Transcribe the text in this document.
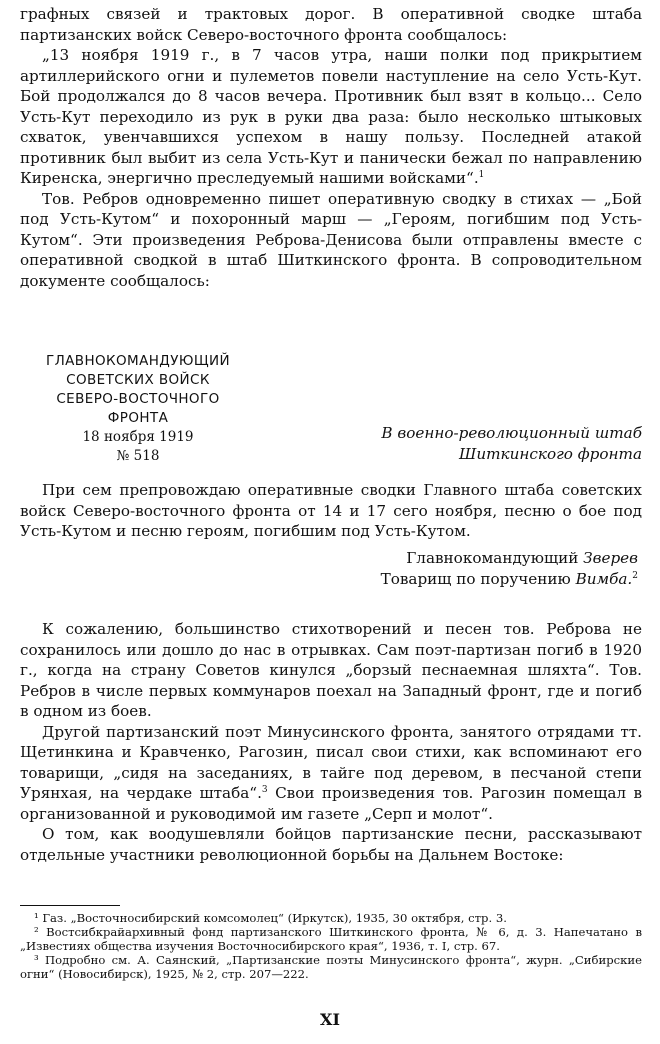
графных связей и трактовых дорог. В оперативной сводке штаба партизанских войск Северо-восточного фронта сообщалось:

„13 ноября 1919 г., в 7 часов утра, наши полки под прикрытием артиллерийского огни и пулеметов повели наступление на село Усть-Кут. Бой продолжался до 8 часов вечера. Противник был взят в кольцо... Село Усть-Кут переходило из рук в руки два раза: было несколько штыковых схваток, увенчавшихся успехом в нашу пользу. Последней атакой противник был выбит из села Усть-Кут и панически бежал по направлению Киренска, энергично преследуемый нашими войсками“.$^1$

Тов. Ребров одновременно пишет оперативную сводку в стихах — „Бой под Усть-Кутом“ и похоронный марш — „Героям, погибшим под Усть-Кутом“. Эти произведения Реброва-Денисова были отправлены вместе с оперативной сводкой в штаб Шиткинского фронта. В сопроводительном документе сообщалось:

ГЛАВНОКОМАНДУЮЩИЙ
СОВЕТСКИХ ВОЙСК
СЕВЕРО-ВОСТОЧНОГО
ФРОНТА
18 ноября 1919
№ 518
В военно-революционный штаб
Шиткинского фронта

При сем препровождаю оперативные сводки Главного штаба советских войск Северо-восточного фронта от 14 и 17 сего ноября, песню о бое под Усть-Кутом и песню героям, погибшим под Усть-Кутом.

Главнокомандующий Зверев
Товарищ по поручению Вимба.$^2$

К сожалению, большинство стихотворений и песен тов. Реброва не сохранилось или дошло до нас в отрывках. Сам поэт-партизан погиб в 1920 г., когда на страну Советов кинулся „борзый песнаемная шляхта“. Тов. Ребров в числе первых коммунаров поехал на Западный фронт, где и погиб в одном из боев.

Другой партизанский поэт Минусинского фронта, занятого отрядами тт. Щетинкина и Кравченко, Рагозин, писал свои стихи, как вспоминают его товарищи, „сидя на заседаниях, в тайге под деревом, в песчаной степи Урянхая, на чердаке штаба“.$^3$ Свои произведения тов. Рагозин помещал в организованной и руководимой им газете „Серп и молот“.

О том, как воодушевляли бойцов партизанские песни, рассказывают отдельные участники революционной борьбы на Дальнем Востоке:

¹ Газ. „Восточносибирский комсомолец“ (Иркутск), 1935, 30 октября, стр. 3.

² Востсибкрайархивный фонд партизанского Шиткинского фронта, № 6, д. 3. Напечатано в „Известиях общества изучения Восточносибирского края“, 1936, т. I, стр. 67.

³ Подробно см. А. Саянский, „Партизанские поэты Минусинского фронта“, журн. „Сибирские огни“ (Новосибирск), 1925, № 2, стр. 207—222.

XI
